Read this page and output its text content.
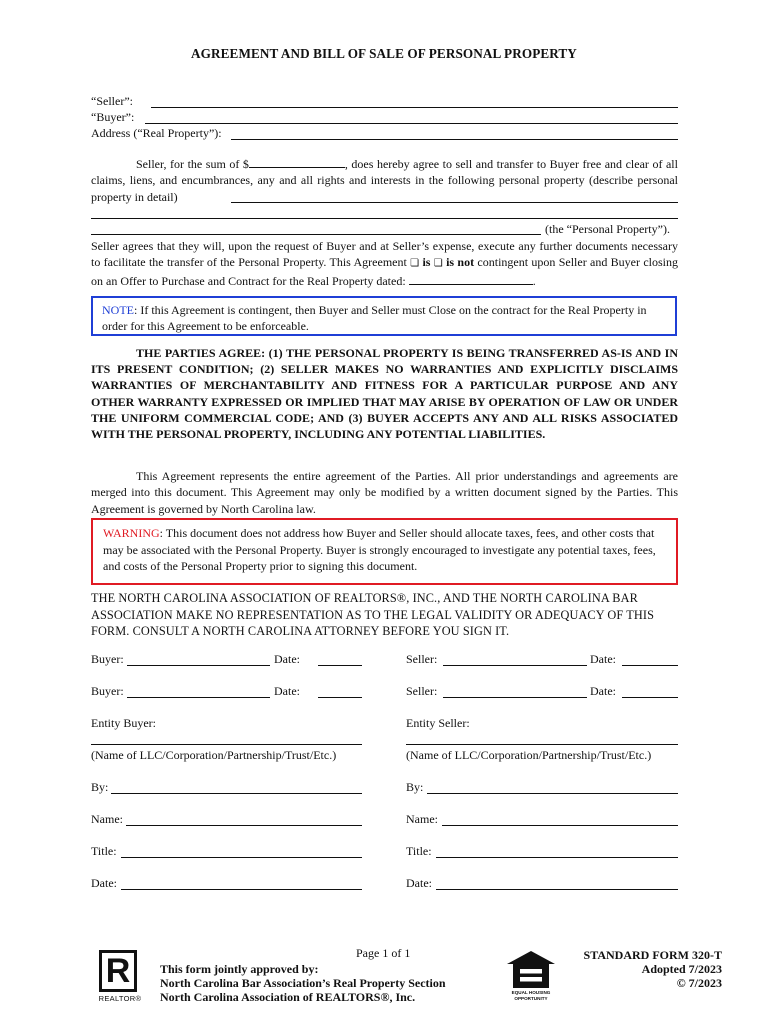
AGREEMENT AND BILL OF SALE OF PERSONAL PROPERTY
“Seller”:
“Buyer”:
Address (“Real Property”):
Seller, for the sum of $	, does hereby agree to sell and transfer to Buyer free and clear of all claims, liens, and encumbrances, any and all rights and interests in the following personal property (describe personal property in detail)
(the “Personal Property”).
Seller agrees that they will, upon the request of Buyer and at Seller’s expense, execute any further documents necessary to facilitate the transfer of the Personal Property. This Agreement ❏ is ❏ is not contingent upon Seller and Buyer closing on an Offer to Purchase and Contract for the Real Property dated:	.
NOTE: If this Agreement is contingent, then Buyer and Seller must Close on the contract for the Real Property in order for this Agreement to be enforceable.
THE PARTIES AGREE: (1) THE PERSONAL PROPERTY IS BEING TRANSFERRED AS-IS AND IN ITS PRESENT CONDITION; (2) SELLER MAKES NO WARRANTIES AND EXPLICITLY DISCLAIMS WARRANTIES OF MERCHANTABILITY AND FITNESS FOR A PARTICULAR PURPOSE AND ANY OTHER WARRANTY EXPRESSED OR IMPLIED THAT MAY ARISE BY OPERATION OF LAW OR UNDER THE UNIFORM COMMERCIAL CODE; AND (3) BUYER ACCEPTS ANY AND ALL RISKS ASSOCIATED WITH THE PERSONAL PROPERTY, INCLUDING ANY POTENTIAL LIABILITIES.
This Agreement represents the entire agreement of the Parties. All prior understandings and agreements are merged into this document. This Agreement may only be modified by a written document signed by the Parties. This Agreement is governed by North Carolina law.
WARNING: This document does not address how Buyer and Seller should allocate taxes, fees, and other costs that may be associated with the Personal Property. Buyer is strongly encouraged to investigate any potential taxes, fees, and costs of the Personal Property prior to signing this document.
THE NORTH CAROLINA ASSOCIATION OF REALTORS®, INC., AND THE NORTH CAROLINA BAR ASSOCIATION MAKE NO REPRESENTATION AS TO THE LEGAL VALIDITY OR ADEQUACY OF THIS FORM. CONSULT A NORTH CAROLINA ATTORNEY BEFORE YOU SIGN IT.
Buyer:	Date:
Buyer:	Date:
Entity Buyer:
(Name of LLC/Corporation/Partnership/Trust/Etc.)
By:
Name:
Title:
Date:
Seller:	Date:
Seller:	Date:
Entity Seller:
(Name of LLC/Corporation/Partnership/Trust/Etc.)
By:
Name:
Title:
Date:
Page 1 of 1
R
REALTOR®
This form jointly approved by:
North Carolina Bar Association’s Real Property Section
North Carolina Association of REALTORS®, Inc.	EQUAL HOUSING OPPORTUNITY
STANDARD FORM 320-T
Adopted 7/2023
© 7/2023
